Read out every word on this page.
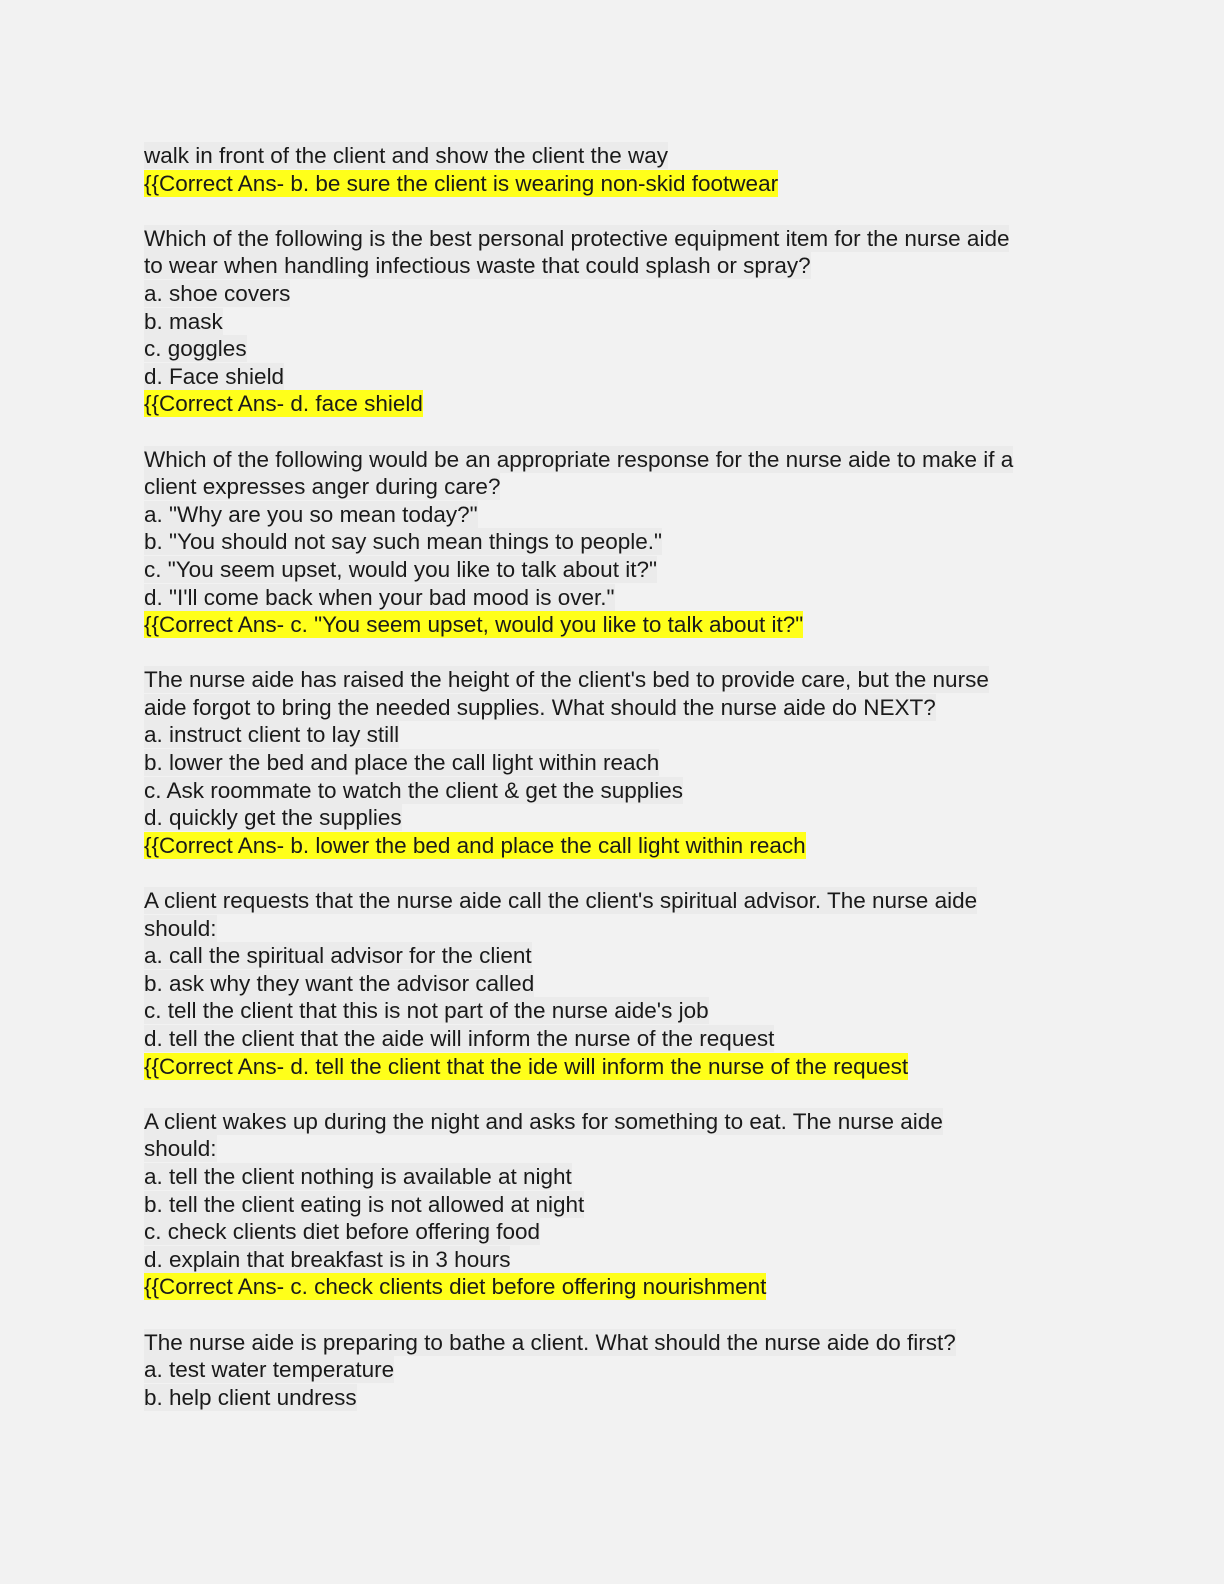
walk in front of the client and show the client the way
{{Correct Ans- b. be sure the client is wearing non-skid footwear
Which of the following is the best personal protective equipment item for the nurse aide
to wear when handling infectious waste that could splash or spray?
a. shoe covers
b. mask
c. goggles
d. Face shield
{{Correct Ans- d. face shield
Which of the following would be an appropriate response for the nurse aide to make if a
client expresses anger during care?
a. "Why are you so mean today?"
b. "You should not say such mean things to people."
c. "You seem upset, would you like to talk about it?"
d. "I'll come back when your bad mood is over."
{{Correct Ans- c. "You seem upset, would you like to talk about it?"
The nurse aide has raised the height of the client's bed to provide care, but the nurse
aide forgot to bring the needed supplies. What should the nurse aide do NEXT?
a. instruct client to lay still
b. lower the bed and place the call light within reach
c. Ask roommate to watch the client & get the supplies
d. quickly get the supplies
{{Correct Ans- b. lower the bed and place the call light within reach
A client requests that the nurse aide call the client's spiritual advisor. The nurse aide
should:
a. call the spiritual advisor for the client
b. ask why they want the advisor called
c. tell the client that this is not part of the nurse aide's job
d. tell the client that the aide will inform the nurse of the request
{{Correct Ans- d. tell the client that the ide will inform the nurse of the request
A client wakes up during the night and asks for something to eat. The nurse aide
should:
a. tell the client nothing is available at night
b. tell the client eating is not allowed at night
c. check clients diet before offering food
d. explain that breakfast is in 3 hours
{{Correct Ans- c. check clients diet before offering nourishment
The nurse aide is preparing to bathe a client. What should the nurse aide do first?
a. test water temperature
b. help client undress
